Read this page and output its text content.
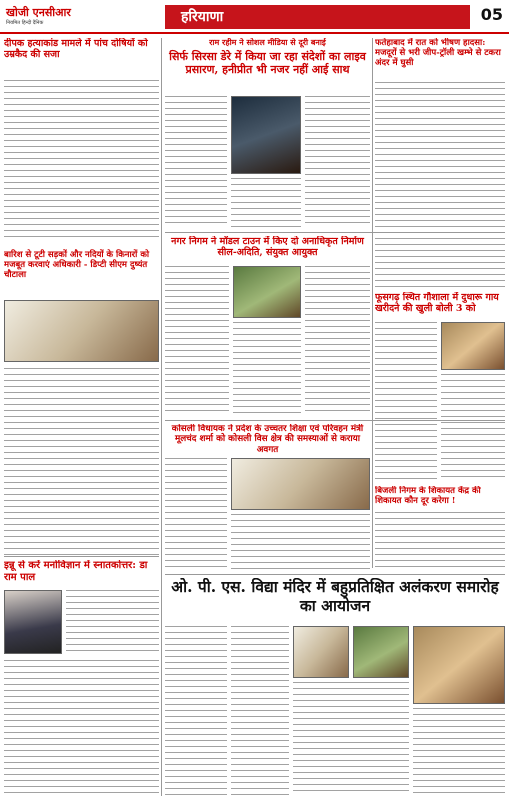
खोजी एनसीआर
नियमित हिन्दी दैनिक	हरियाणा	05
दीपक हत्याकांड मामले में पांच दोषियों को उम्रकैद की सजा
बारिश से टूटी सड़कों और नदियों के किनारों को मजबूत करवाएं अधिकारी - डिप्टी सीएम दुष्यंत चौटाला
इन्नू से करें मनोविज्ञान में स्नातकोत्तर: डा राम पाल
राम रहीम ने सोशल मीडिया से दूरी बनाई
सिर्फ सिरसा डेरे में किया जा रहा संदेशों का लाइव प्रसारण, हनीप्रीत भी नजर नहीं आई साथ
फतेहाबाद में रात को भीषण हादसा: मजदूरों से भरी जीप-ट्रॉली खम्भे से टकरा अंदर में घुसी
नगर निगम ने मॉडल टाउन में किए दो अनाधिकृत निर्माण सील-अदिति, संयुक्त आयुक्त
फूसगढ़ स्थित गौशाला में दुधारू गाय खरीदने की खुली बोली 3 को
कोसली विधायक ने प्रदेश के उच्चतर शिक्षा एवं परिवहन मंत्री मूलचंद शर्मा को कोसली विस क्षेत्र की समस्याओं से कराया अवगत
बिजली निगम के शिकायत केंद्र की शिकायत कौन दूर करेगा !
ओ. पी. एस. विद्या मंदिर में बहुप्रतिक्षित अलंकरण समारोह का आयोजन
